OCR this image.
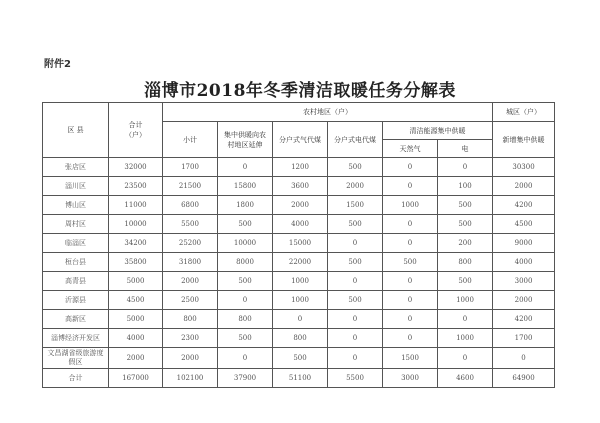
附件2
淄博市2018年冬季清洁取暖任务分解表
区 县	合计
（户）	农村地区（户）						城区（户）
		小计	集中供暖向农村地区延伸	分户式气代煤	分户式电代煤	清洁能源集中供暖		新增集中供暖
						天然气	电	
张店区	32000	1700	0	1200	500	0	0	30300
淄川区	23500	21500	15800	3600	2000	0	100	2000
博山区	11000	6800	1800	2000	1500	1000	500	4200
周村区	10000	5500	500	4000	500	0	500	4500
临淄区	34200	25200	10000	15000	0	0	200	9000
桓台县	35800	31800	8000	22000	500	500	800	4000
高青县	5000	2000	500	1000	0	0	500	3000
沂源县	4500	2500	0	1000	500	0	1000	2000
高新区	5000	800	800	0	0	0	0	4200
淄博经济开发区	4000	2300	500	800	0	0	1000	1700
文昌湖省级旅游度假区	2000	2000	0	500	0	1500	0	0
合计	167000	102100	37900	51100	5500	3000	4600	64900
